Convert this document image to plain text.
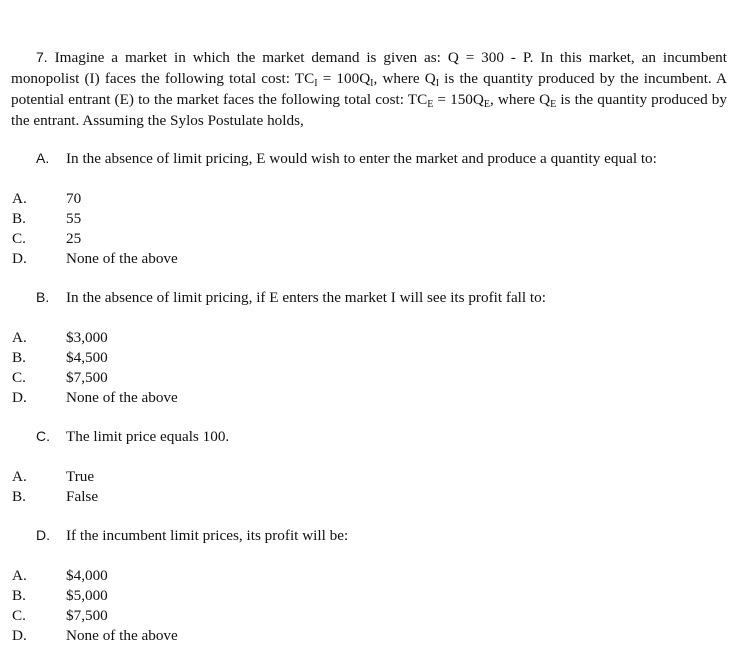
7. Imagine a market in which the market demand is given as: Q = 300 - P. In this market, an incumbent monopolist (I) faces the following total cost: $TC_I = 100Q_I$, where $Q_I$ is the quantity produced by the incumbent. A potential entrant (E) to the market faces the following total cost: $TC_E = 150Q_E$, where $Q_E$ is the quantity produced by the entrant. Assuming the Sylos Postulate holds,

A. In the absence of limit pricing, E would wish to enter the market and produce a quantity equal to:
A.	70
B.	55
C.	25
D.	None of the above
B. In the absence of limit pricing, if E enters the market I will see its profit fall to:
A.	$3,000
B.	$4,500
C.	$7,500
D.	None of the above
C. The limit price equals 100.
A.	True
B.	False
D. If the incumbent limit prices, its profit will be:
A.	$4,000
B.	$5,000
C.	$7,500
D.	None of the above
